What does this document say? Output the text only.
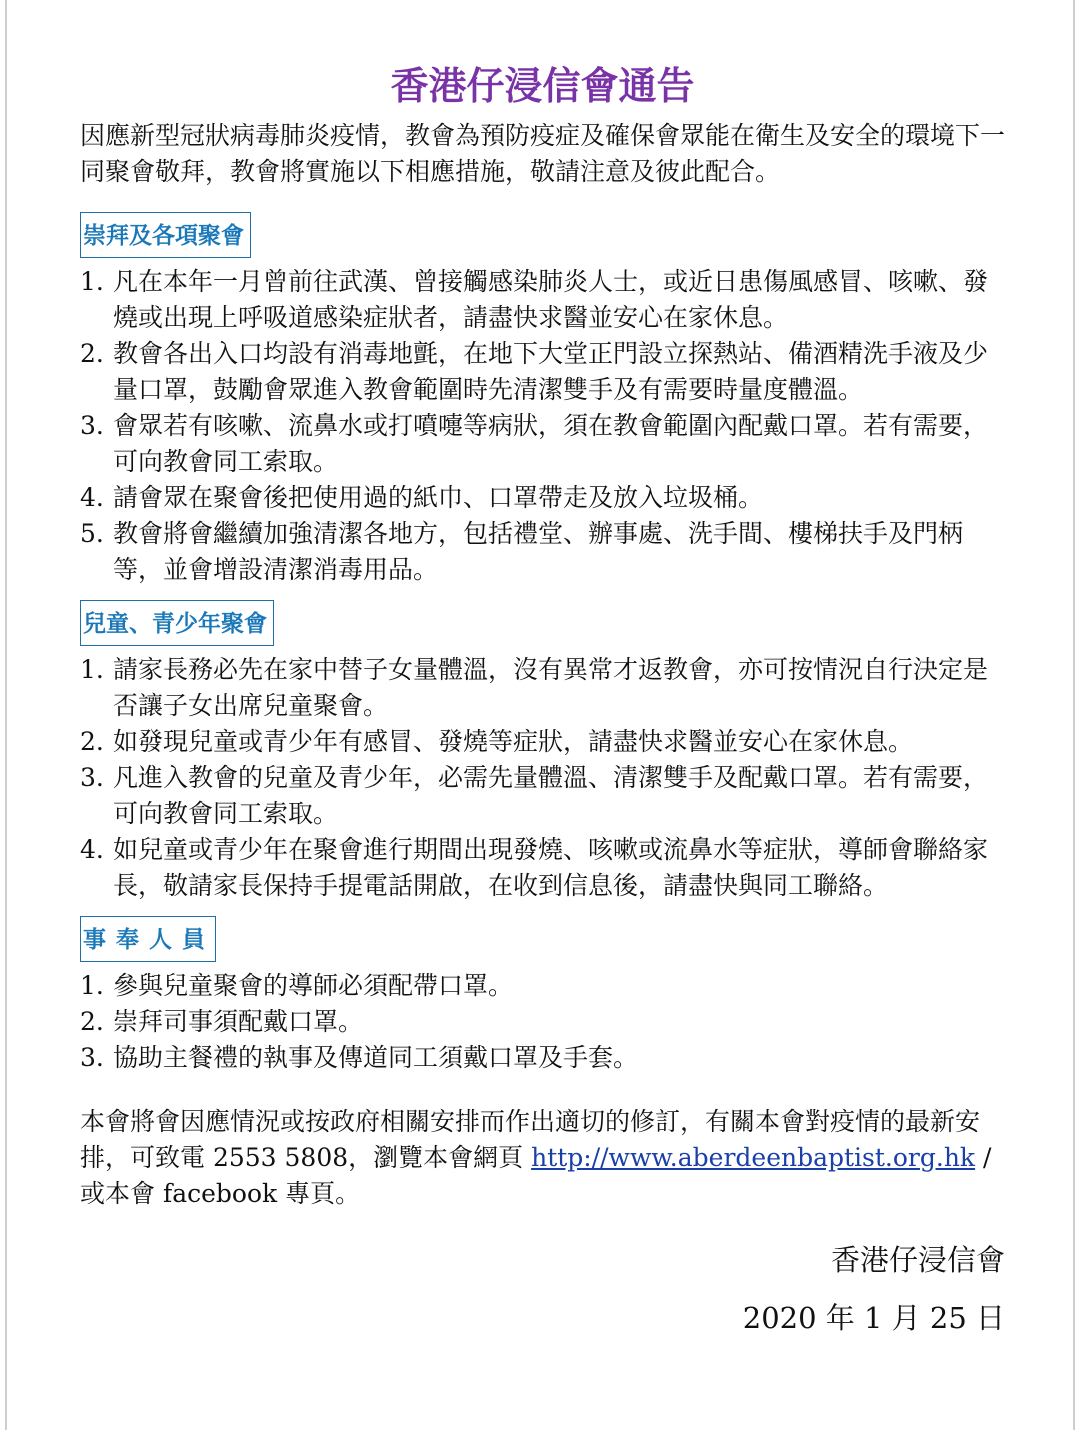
香港仔浸信會通告

因應新型冠狀病毒肺炎疫情，教會為預防疫症及確保會眾能在衛生及安全的環境下一同聚會敬拜，教會將實施以下相應措施，敬請注意及彼此配合。

崇拜及各項聚會
1. 凡在本年一月曾前往武漢、曾接觸感染肺炎人士，或近日患傷風感冒、咳嗽、發燒或出現上呼吸道感染症狀者，請盡快求醫並安心在家休息。
2. 教會各出入口均設有消毒地氈，在地下大堂正門設立探熱站、備酒精洗手液及少量口罩，鼓勵會眾進入教會範圍時先清潔雙手及有需要時量度體溫。
3. 會眾若有咳嗽、流鼻水或打噴嚏等病狀，須在教會範圍內配戴口罩。若有需要，可向教會同工索取。
4. 請會眾在聚會後把使用過的紙巾、口罩帶走及放入垃圾桶。
5. 教會將會繼續加強清潔各地方，包括禮堂、辦事處、洗手間、樓梯扶手及門柄等，並會增設清潔消毒用品。
兒童、青少年聚會
1. 請家長務必先在家中替子女量體溫，沒有異常才返教會，亦可按情況自行決定是否讓子女出席兒童聚會。
2. 如發現兒童或青少年有感冒、發燒等症狀，請盡快求醫並安心在家休息。
3. 凡進入教會的兒童及青少年，必需先量體溫、清潔雙手及配戴口罩。若有需要，可向教會同工索取。
4. 如兒童或青少年在聚會進行期間出現發燒、咳嗽或流鼻水等症狀，導師會聯絡家長，敬請家長保持手提電話開啟，在收到信息後，請盡快與同工聯絡。
事奉人員
1. 參與兒童聚會的導師必須配帶口罩。
2. 崇拜司事須配戴口罩。
3. 協助主餐禮的執事及傳道同工須戴口罩及手套。

本會將會因應情況或按政府相關安排而作出適切的修訂，有關本會對疫情的最新安排，可致電 2553 5808，瀏覽本會網頁 http://www.aberdeenbaptist.org.hk / 或本會 facebook 專頁。

香港仔浸信會
2020 年 1 月 25 日
